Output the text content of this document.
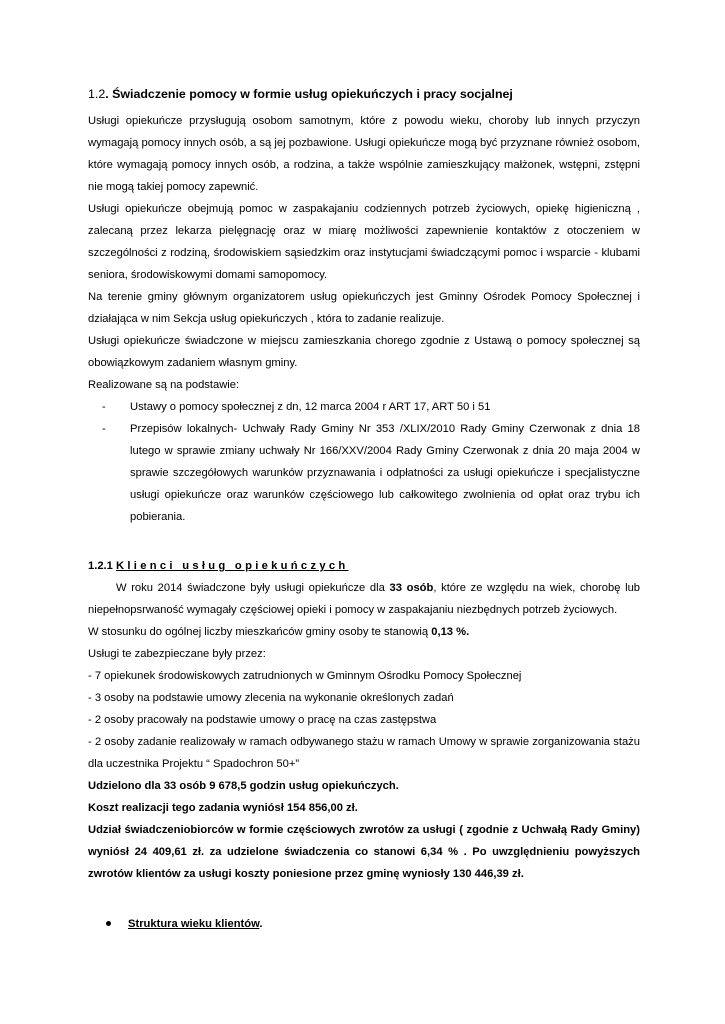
1.2. Świadczenie pomocy w formie usług opiekuńczych i pracy socjalnej

Usługi opiekuńcze przysługują osobom samotnym, które z powodu wieku, choroby lub innych przyczyn wymagają pomocy innych osób, a są jej pozbawione. Usługi opiekuńcze mogą być przyznane również osobom, które wymagają pomocy innych osób, a rodzina, a także wspólnie zamieszkujący małżonek, wstępni, zstępni nie mogą takiej pomocy zapewnić.

Usługi opiekuńcze obejmują pomoc w zaspakajaniu codziennych potrzeb życiowych, opiekę higieniczną , zalecaną przez lekarza pielęgnację oraz w miarę możliwości zapewnienie kontaktów z otoczeniem w szczególności z rodziną, środowiskiem sąsiedzkim oraz instytucjami świadczącymi pomoc i wsparcie - klubami seniora, środowiskowymi domami samopomocy.

Na terenie gminy głównym organizatorem usług opiekuńczych jest Gminny Ośrodek Pomocy Społecznej i działająca w nim Sekcja usług opiekuńczych , która to zadanie realizuje.

Usługi opiekuńcze świadczone w miejscu zamieszkania chorego zgodnie z Ustawą o pomocy społecznej są obowiązkowym zadaniem własnym gminy.

Realizowane są na podstawie:

- Ustawy o pomocy społecznej z dn, 12 marca 2004 r ART 17, ART 50 i 51
- Przepisów lokalnych- Uchwały Rady Gminy Nr 353 /XLIX/2010 Rady Gminy Czerwonak z dnia 18 lutego w sprawie zmiany uchwały Nr 166/XXV/2004 Rady Gminy Czerwonak z dnia 20 maja 2004 w sprawie szczegółowych warunków przyznawania i odpłatności za usługi opiekuńcze i specjalistyczne usługi opiekuńcze oraz warunków częściowego lub całkowitego zwolnienia od opłat oraz trybu ich pobierania.
1.2.1 Klienci usług opiekuńczych

W roku 2014 świadczone były usługi opiekuńcze dla 33 osób, które ze względu na wiek, chorobę lub niepełnopsrwaność wymagały częściowej opieki i pomocy w zaspakajaniu niezbędnych potrzeb życiowych.

W stosunku do ogólnej liczby mieszkańców gminy osoby te stanowią 0,13 %.

Usługi te zabezpieczane były przez:

- 7 opiekunek środowiskowych zatrudnionych w Gminnym Ośrodku Pomocy Społecznej

- 3 osoby na podstawie umowy zlecenia na wykonanie określonych zadań

- 2 osoby pracowały na podstawie umowy o pracę na czas zastępstwa

- 2 osoby zadanie realizowały w ramach odbywanego stażu w ramach Umowy w sprawie zorganizowania stażu dla uczestnika Projektu “ Spadochron 50+”

Udzielono dla 33 osób 9 678,5 godzin usług opiekuńczych.

Koszt realizacji tego zadania wyniósł 154 856,00 zł.

Udział świadczeniobiorców w formie częściowych zwrotów za usługi ( zgodnie z Uchwałą Rady Gminy) wyniósł 24 409,61 zł. za udzielone świadczenia co stanowi 6,34 % . Po uwzględnieniu powyższych zwrotów klientów za usługi koszty poniesione przez gminę wyniosły 130 446,39 zł.

Struktura wieku klientów.
